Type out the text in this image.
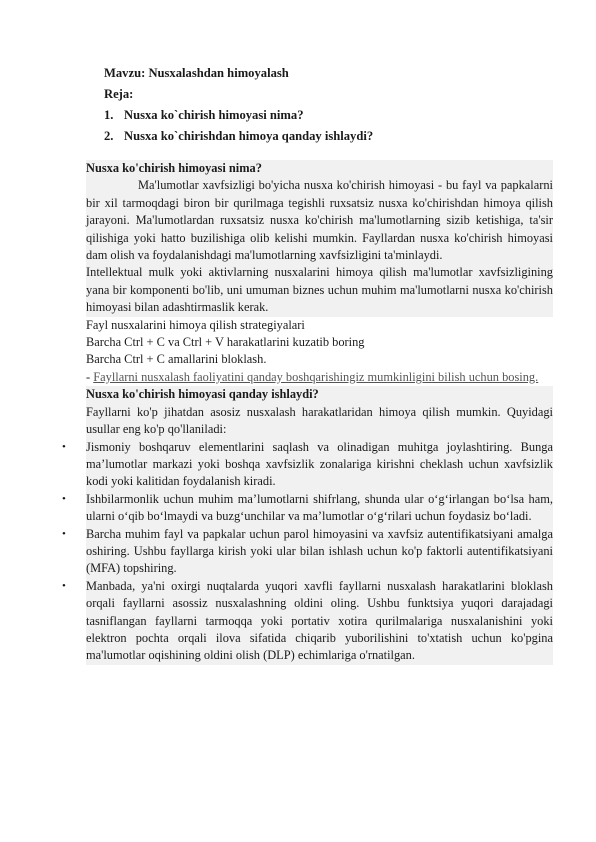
Mavzu: Nusxalashdan himoyalash

Reja:

1. Nusxa ko`chirish himoyasi nima?

2. Nusxa ko`chirishdan himoya qanday ishlaydi?

Nusxa ko'chirish himoyasi nima?

Ma'lumotlar xavfsizligi bo'yicha nusxa ko'chirish himoyasi - bu fayl va papkalarni bir xil tarmoqdagi biron bir qurilmaga tegishli ruxsatsiz nusxa ko'chirishdan himoya qilish jarayoni. Ma'lumotlardan ruxsatsiz nusxa ko'chirish ma'lumotlarning sizib ketishiga, ta'sir qilishiga yoki hatto buzilishiga olib kelishi mumkin. Fayllardan nusxa ko'chirish himoyasi dam olish va foydalanishdagi ma'lumotlarning xavfsizligini ta'minlaydi.

Intellektual mulk yoki aktivlarning nusxalarini himoya qilish ma'lumotlar xavfsizligining yana bir komponenti bo'lib, uni umuman biznes uchun muhim ma'lumotlarni nusxa ko'chirish himoyasi bilan adashtirmaslik kerak.

Fayl nusxalarini himoya qilish strategiyalari

Barcha Ctrl + C va Ctrl + V harakatlarini kuzatib boring

Barcha Ctrl + C amallarini bloklash.

- Fayllarni nusxalash faoliyatini qanday boshqarishingiz mumkinligini bilish uchun bosing.

Nusxa ko'chirish himoyasi qanday ishlaydi?

Fayllarni ko'p jihatdan asosiz nusxalash harakatlaridan himoya qilish mumkin. Quyidagi usullar eng ko'p qo'llaniladi:

• Jismoniy boshqaruv elementlarini saqlash va olinadigan muhitga joylashtiring. Bunga ma’lumotlar markazi yoki boshqa xavfsizlik zonalariga kirishni cheklash uchun xavfsizlik kodi yoki kalitidan foydalanish kiradi.
• Ishbilarmonlik uchun muhim ma’lumotlarni shifrlang, shunda ular o‘g‘irlangan bo‘lsa ham, ularni o‘qib bo‘lmaydi va buzg‘unchilar va ma’lumotlar o‘g‘rilari uchun foydasiz bo‘ladi.
• Barcha muhim fayl va papkalar uchun parol himoyasini va xavfsiz autentifikatsiyani amalga oshiring. Ushbu fayllarga kirish yoki ular bilan ishlash uchun ko'p faktorli autentifikatsiyani (MFA) topshiring.
• Manbada, ya'ni oxirgi nuqtalarda yuqori xavfli fayllarni nusxalash harakatlarini bloklash orqali fayllarni asossiz nusxalashning oldini oling. Ushbu funktsiya yuqori darajadagi tasniflangan fayllarni tarmoqqa yoki portativ xotira qurilmalariga nusxalanishini yoki elektron pochta orqali ilova sifatida chiqarib yuborilishini to'xtatish uchun ko'pgina ma'lumotlar oqishining oldini olish (DLP) echimlariga o'rnatilgan.
